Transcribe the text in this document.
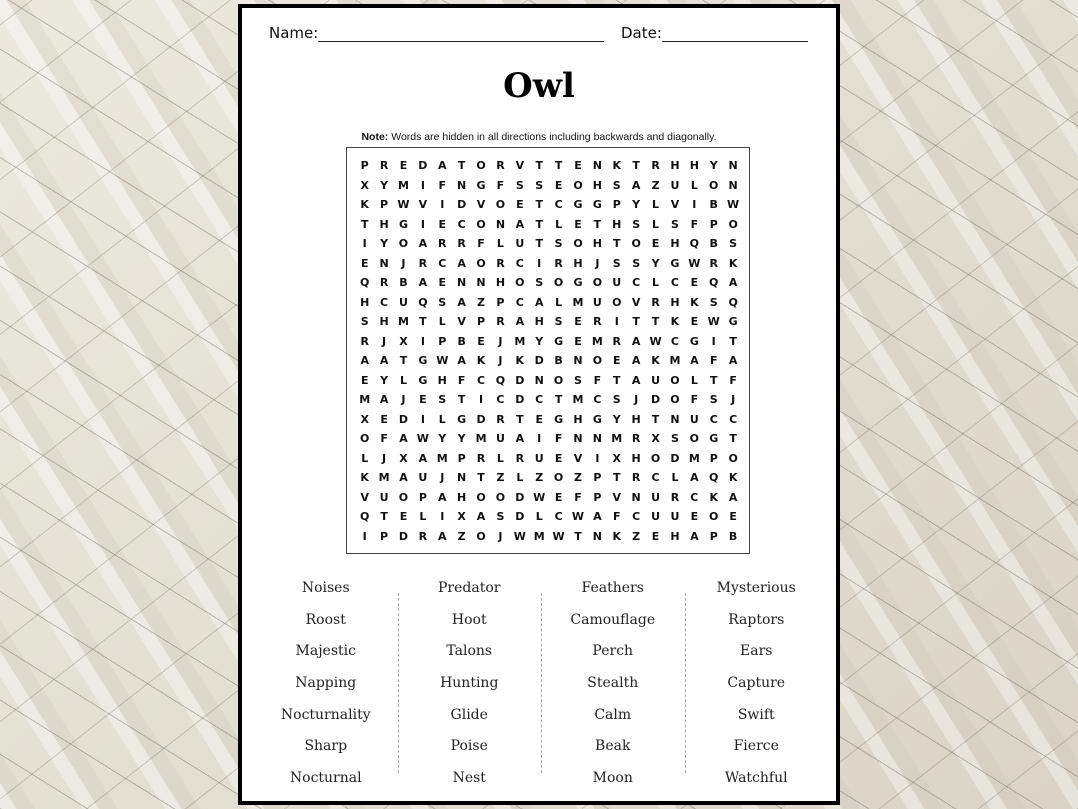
Name:	Date:
Owl
Note: Words are hidden in all directions including backwards and diagonally.
P	R	E	D A	T O R V	T	T	E	N K	T	R H H Y N
X	Y M	I	F	N G	F	S	S	E O H S	A	Z U	L	O N
K	P W V	I	D V O E	T	C G G P	Y	L	V	I	B W
T	H G	I	E	C O N A	T	L	E	T	H S	L	S	F	P O
I	Y O A R R	F	L	U	T	S O H	T O E	H Q B	S
E	N	J	R	C	A O R	C	I	R H	J	S	S	Y G W R K
Q R B A	E	N N H O S O G O U C	L	C	E Q A
H C U Q S	A	Z	P	C	A	L M U O V R H K	S Q
S H M T	L	V	P	R A H S	E	R	I	T	T	K	E W G
R	J	X	I	P	B	E	J	M Y G	E M R A W C G	I	T
A A	T	G W A K	J	K D B N O E	A K M A	F	A
E	Y	L	G H	F	C Q D N O S	F	T	A U O	L	T	F
M A	J	E	S	T	I	C D C	T M C	S	J	D O F	S	J
X	E	D	I	L	G D R	T	E	G H G Y H	T	N U C	C
O F	A W Y	Y M U A	I	F	N N M R X	S O G	T
L	J	X A M P	R	L	R U	E	V	I	X H O D M P O
K M A U	J	N	T	Z	L	Z O Z	P	T	R	C	L	A Q K
V U O P	A H O O D W E	F	P	V N U R	C	K A
Q T	E	L	I	X A	S D	L	C W A	F	C U U	E O E
I	P D R A	Z O	J	W M W T	N K	Z	E	H A	P	B
Noises
Roost
Majestic
Napping
Nocturnality
Sharp
Nocturnal
Predator
Hoot
Talons
Hunting
Glide
Poise
Nest
Feathers
Camouflage
Perch
Stealth
Calm
Beak
Moon
Mysterious
Raptors
Ears
Capture
Swift
Fierce
Watchful
